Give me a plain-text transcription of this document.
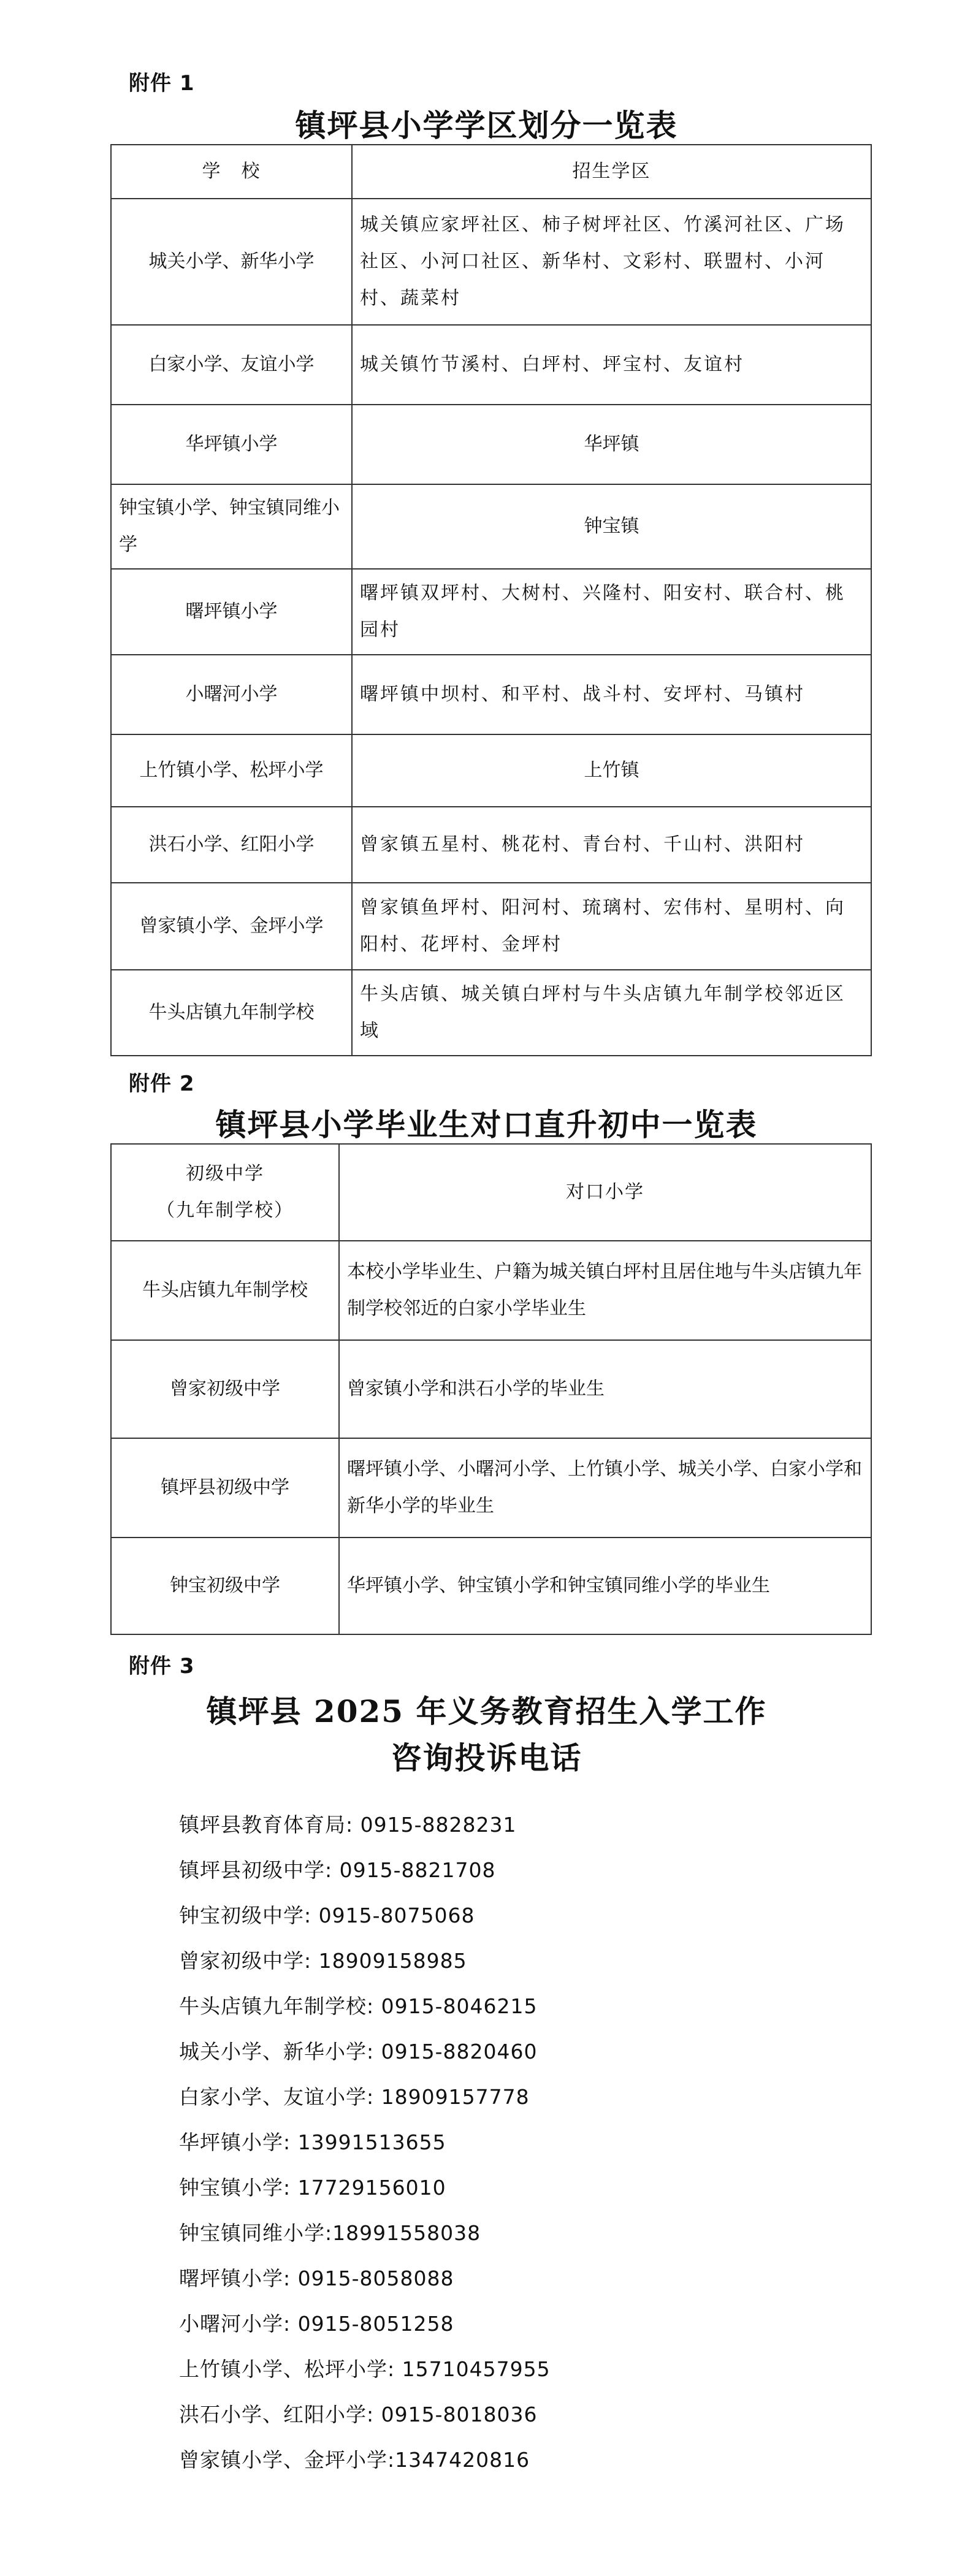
附件 1
镇坪县小学学区划分一览表
学　校	招生学区
城关小学、新华小学	城关镇应家坪社区、柿子树坪社区、竹溪河社区、广场社区、小河口社区、新华村、文彩村、联盟村、小河村、蔬菜村
白家小学、友谊小学	城关镇竹节溪村、白坪村、坪宝村、友谊村
华坪镇小学	华坪镇
钟宝镇小学、钟宝镇同维小学	钟宝镇
曙坪镇小学	曙坪镇双坪村、大树村、兴隆村、阳安村、联合村、桃园村
小曙河小学	曙坪镇中坝村、和平村、战斗村、安坪村、马镇村
上竹镇小学、松坪小学	上竹镇
洪石小学、红阳小学	曾家镇五星村、桃花村、青台村、千山村、洪阳村
曾家镇小学、金坪小学	曾家镇鱼坪村、阳河村、琉璃村、宏伟村、星明村、向阳村、花坪村、金坪村
牛头店镇九年制学校	牛头店镇、城关镇白坪村与牛头店镇九年制学校邻近区域
附件 2
镇坪县小学毕业生对口直升初中一览表
初级中学
（九年制学校）	对口小学
牛头店镇九年制学校	本校小学毕业生、户籍为城关镇白坪村且居住地与牛头店镇九年制学校邻近的白家小学毕业生
曾家初级中学	曾家镇小学和洪石小学的毕业生
镇坪县初级中学	曙坪镇小学、小曙河小学、上竹镇小学、城关小学、白家小学和新华小学的毕业生
钟宝初级中学	华坪镇小学、钟宝镇小学和钟宝镇同维小学的毕业生
附件 3
镇坪县 2025 年义务教育招生入学工作
咨询投诉电话
镇坪县教育体育局: 0915-8828231
镇坪县初级中学: 0915-8821708
钟宝初级中学: 0915-8075068
曾家初级中学: 18909158985
牛头店镇九年制学校: 0915-8046215
城关小学、新华小学: 0915-8820460
白家小学、友谊小学: 18909157778
华坪镇小学: 13991513655
钟宝镇小学: 17729156010
钟宝镇同维小学:18991558038
曙坪镇小学: 0915-8058088
小曙河小学: 0915-8051258
上竹镇小学、松坪小学: 15710457955
洪石小学、红阳小学: 0915-8018036
曾家镇小学、金坪小学:1347420816
